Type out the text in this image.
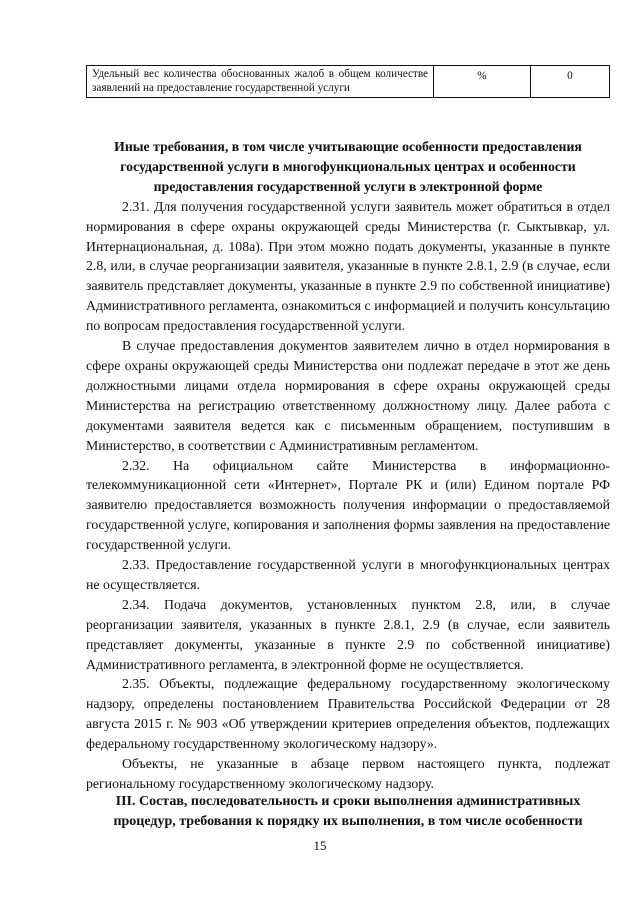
Удельный вес количества обоснованных жалоб в общем количестве заявлений на предоставление государственной услуги	%	0

Иные требования, в том числе учитывающие особенности предоставления государственной услуги в многофункциональных центрах и особенности предоставления государственной услуги в электронной форме

2.31. Для получения государственной услуги заявитель может обратиться в отдел нормирования в сфере охраны окружающей среды Министерства (г. Сыктывкар, ул. Интернациональная, д. 108а). При этом можно подать документы, указанные в пункте 2.8, или, в случае реорганизации заявителя, указанные в пункте 2.8.1, 2.9 (в случае, если заявитель представляет документы, указанные в пункте 2.9 по собственной инициативе) Административного регламента, ознакомиться с информацией и получить консультацию по вопросам предоставления государственной услуги.

В случае предоставления документов заявителем лично в отдел нормирования в сфере охраны окружающей среды Министерства они подлежат передаче в этот же день должностными лицами отдела нормирования в сфере охраны окружающей среды Министерства на регистрацию ответственному должностному лицу. Далее работа с документами заявителя ведется как с письменным обращением, поступившим в Министерство, в соответствии с Административным регламентом.

2.32. На официальном сайте Министерства в информационно-телекоммуникационной сети «Интернет», Портале РК и (или) Едином портале РФ заявителю предоставляется возможность получения информации о предоставляемой государственной услуге, копирования и заполнения формы заявления на предоставление государственной услуги.

2.33. Предоставление государственной услуги в многофункциональных центрах не осуществляется.

2.34. Подача документов, установленных пунктом 2.8, или, в случае реорганизации заявителя, указанных в пункте 2.8.1, 2.9 (в случае, если заявитель представляет документы, указанные в пункте 2.9 по собственной инициативе) Административного регламента, в электронной форме не осуществляется.

2.35. Объекты, подлежащие федеральному государственному экологическому надзору, определены постановлением Правительства Российской Федерации от 28 августа 2015 г. № 903 «Об утверждении критериев определения объектов, подлежащих федеральному государственному экологическому надзору».

Объекты, не указанные в абзаце первом настоящего пункта, подлежат региональному государственному экологическому надзору.

III. Состав, последовательность и сроки выполнения административных процедур, требования к порядку их выполнения, в том числе особенности

15
